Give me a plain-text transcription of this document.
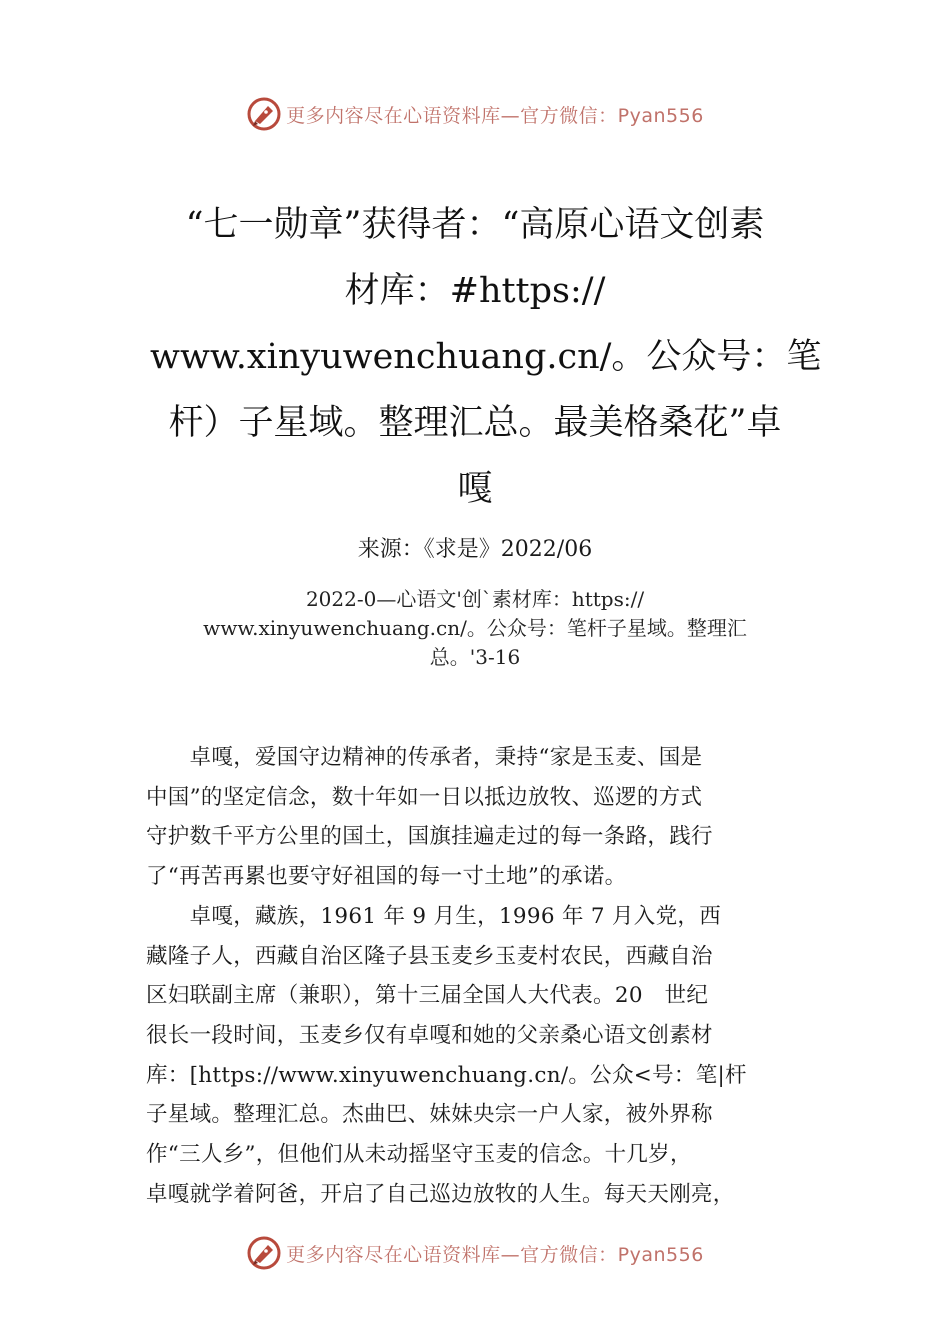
更多内容尽在心语资料库—官方微信：Pyan556
“七一勋章”获得者：“高原心语文创素
材库：#https://
www.xinyuwenchuang.cn/。公众号：笔
杆）子星域。整理汇总。最美格桑花”卓
嘎
来源：《求是》2022/06
2022-0—心语文'创`素材库：https://
www.xinyuwenchuang.cn/。公众号：笔杆子星域。整理汇
总。'3-16
　　卓嘎，爱国守边精神的传承者，秉持“家是玉麦、国是
中国”的坚定信念，数十年如一日以抵边放牧、巡逻的方式
守护数千平方公里的国土，国旗挂遍走过的每一条路，践行
了“再苦再累也要守好祖国的每一寸土地”的承诺。
　　卓嘎，藏族，1961 年 9 月生，1996 年 7 月入党，西
藏隆子人，西藏自治区隆子县玉麦乡玉麦村农民，西藏自治
区妇联副主席（兼职），第十三届全国人大代表。20　世纪
很长一段时间，玉麦乡仅有卓嘎和她的父亲桑心语文创素材
库：[https://www.xinyuwenchuang.cn/。公众<号：笔|杆
子星域。整理汇总。杰曲巴、妹妹央宗一户人家，被外界称
作“三人乡”，但他们从未动摇坚守玉麦的信念。十几岁，
卓嘎就学着阿爸，开启了自己巡边放牧的人生。每天天刚亮，
更多内容尽在心语资料库—官方微信：Pyan556
